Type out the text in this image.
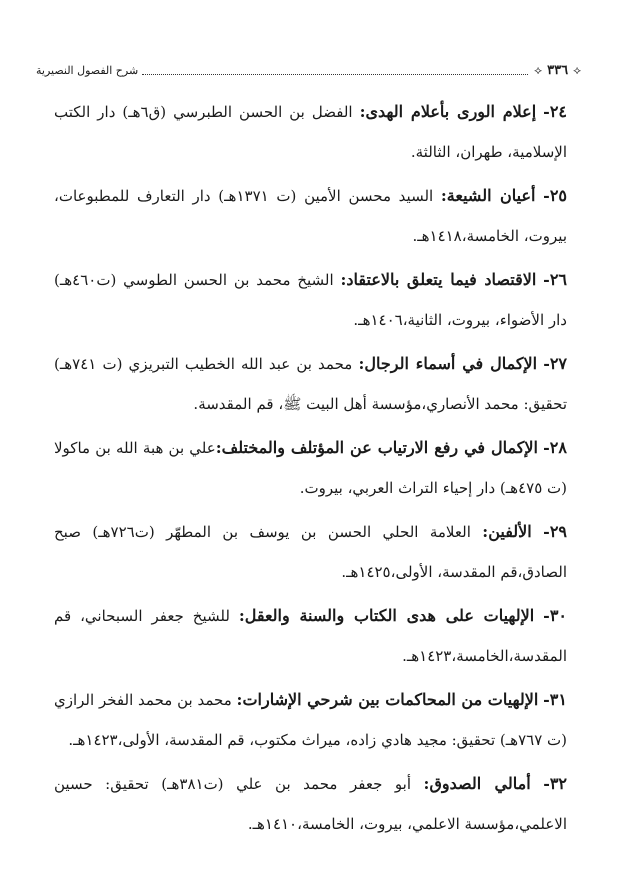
⟡
٣٣٦
⟡
شرح الفصول النصيرية

٢٤- إعلام الورى بأعلام الهدى: الفضل بن الحسن الطبرسي (ق٦هـ) دار الكتب الإسلامية، طهران، الثالثة.

٢٥- أعيان الشيعة: السيد محسن الأمين (ت ١٣٧١هـ) دار التعارف للمطبوعات، بيروت، الخامسة،١٤١٨هـ.

٢٦- الاقتصاد فيما يتعلق بالاعتقاد: الشيخ محمد بن الحسن الطوسي (ت٤٦٠هـ) دار الأضواء، بيروت، الثانية،١٤٠٦هـ.

٢٧- الإكمال في أسماء الرجال: محمد بن عبد الله الخطيب التبريزي (ت ٧٤١هـ) تحقيق: محمد الأنصاري،مؤسسة أهل البيت ﷺ، قم المقدسة.

٢٨- الإكمال في رفع الارتياب عن المؤتلف والمختلف:علي بن هبة الله بن ماكولا (ت ٤٧٥هـ) دار إحياء التراث العربي، بيروت.

٢٩- الألفين: العلامة الحلي الحسن بن يوسف بن المطهّر (ت٧٢٦هـ) صبح الصادق،قم المقدسة، الأولى،١٤٢٥هـ.

٣٠- الإلهيات على هدى الكتاب والسنة والعقل: للشيخ جعفر السبحاني، قم المقدسة،الخامسة،١٤٢٣هـ.

٣١- الإلهيات من المحاكمات بين شرحي الإشارات: محمد بن محمد الفخر الرازي (ت ٧٦٧هـ) تحقيق: مجيد هادي زاده، ميراث مكتوب، قم المقدسة، الأولى،١٤٢٣هـ.

٣٢- أمالي الصدوق: أبو جعفر محمد بن علي (ت٣٨١هـ) تحقيق: حسين الاعلمي،مؤسسة الاعلمي، بيروت، الخامسة،١٤١٠هـ.
